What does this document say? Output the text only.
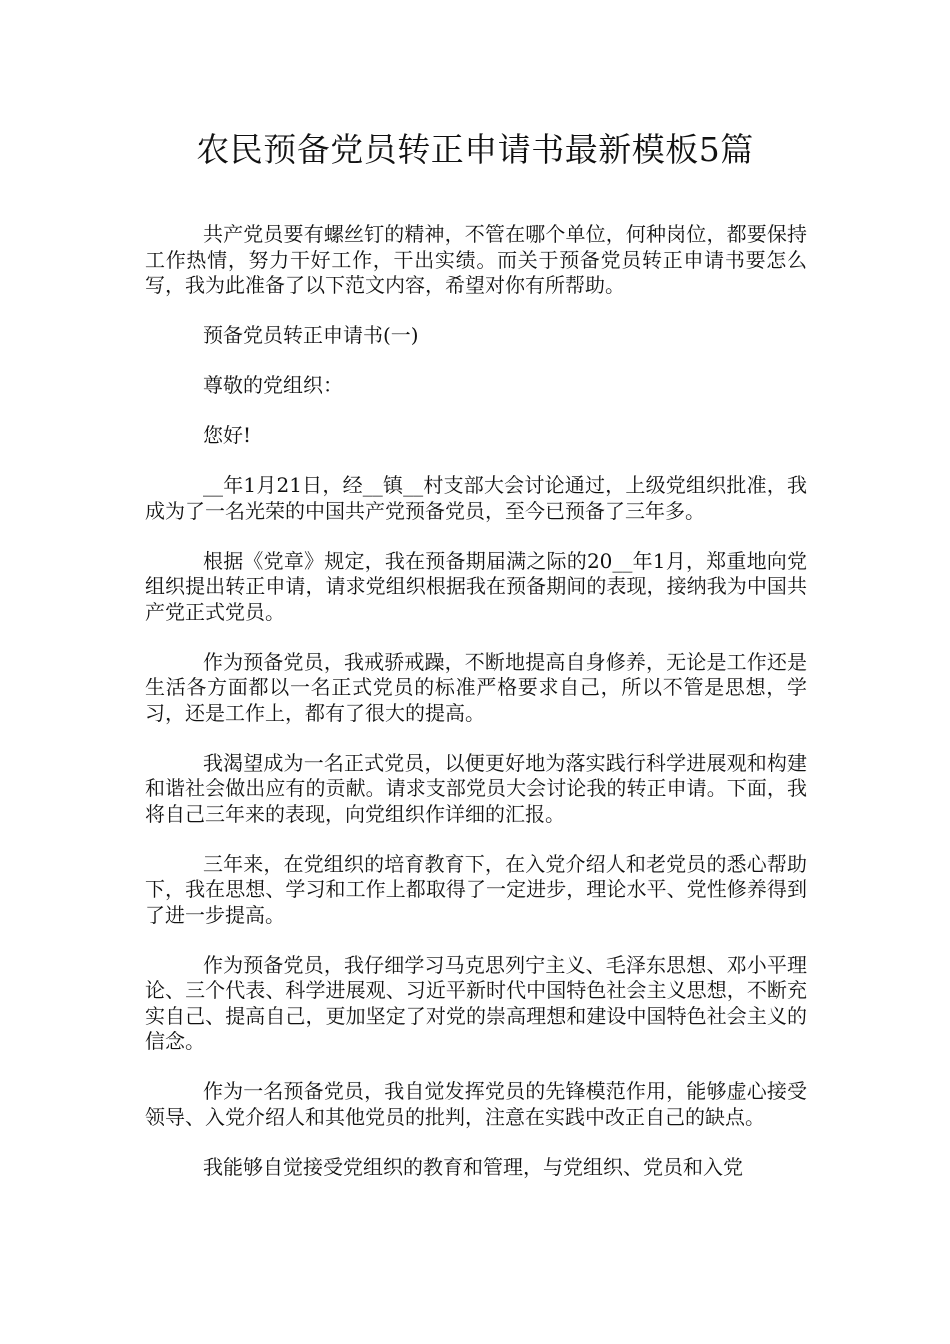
农民预备党员转正申请书最新模板5篇

共产党员要有螺丝钉的精神，不管在哪个单位，何种岗位，都要保持工作热情，努力干好工作，干出实绩。而关于预备党员转正申请书要怎么写，我为此准备了以下范文内容，希望对你有所帮助。

预备党员转正申请书(一)

尊敬的党组织：

您好!

__年1月21日，经__镇__村支部大会讨论通过，上级党组织批准，我成为了一名光荣的中国共产党预备党员，至今已预备了三年多。

根据《党章》规定，我在预备期届满之际的20__年1月，郑重地向党组织提出转正申请，请求党组织根据我在预备期间的表现，接纳我为中国共产党正式党员。

作为预备党员，我戒骄戒躁，不断地提高自身修养，无论是工作还是生活各方面都以一名正式党员的标准严格要求自己，所以不管是思想，学习，还是工作上，都有了很大的提高。

我渴望成为一名正式党员，以便更好地为落实践行科学进展观和构建和谐社会做出应有的贡献。请求支部党员大会讨论我的转正申请。下面，我将自己三年来的表现，向党组织作详细的汇报。

三年来，在党组织的培育教育下，在入党介绍人和老党员的悉心帮助下，我在思想、学习和工作上都取得了一定进步，理论水平、党性修养得到了进一步提高。

作为预备党员，我仔细学习马克思列宁主义、毛泽东思想、邓小平理论、三个代表、科学进展观、习近平新时代中国特色社会主义思想，不断充实自己、提高自己，更加坚定了对党的崇高理想和建设中国特色社会主义的信念。

作为一名预备党员，我自觉发挥党员的先锋模范作用，能够虚心接受领导、入党介绍人和其他党员的批判，注意在实践中改正自己的缺点。

我能够自觉接受党组织的教育和管理，与党组织、党员和入党
